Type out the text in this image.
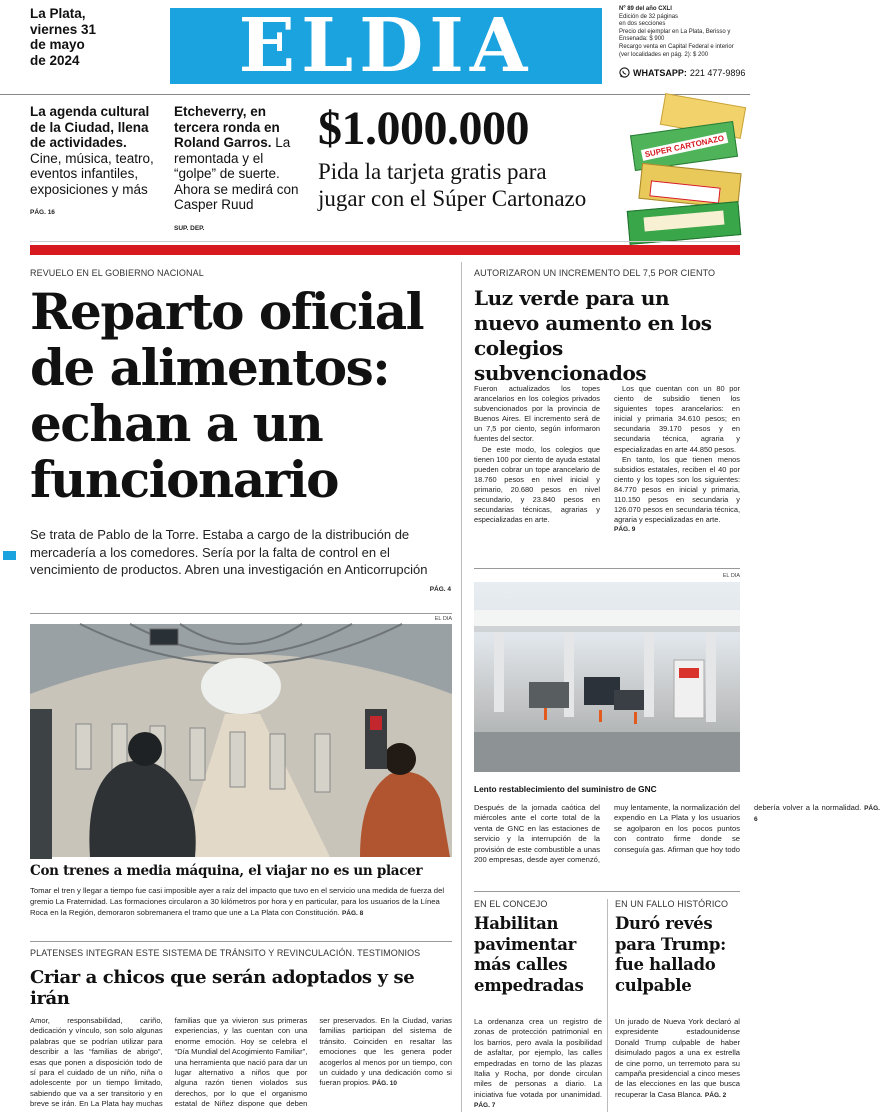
La Plata,
viernes 31
de mayo
de 2024	ELDIA	Nº 89 del año CXLI
Edición de 32 páginas
en dos secciones
Precio del ejemplar en La Plata, Berisso y
Ensenada: $ 900
Recargo venta en Capital Federal e interior
(ver localidades en pág. 2): $ 200
WHATSAPP: 221 477-9896
La agenda cultural de la Ciudad, llena de actividades. Cine, música, teatro, eventos infantiles, exposiciones y más
PÁG. 16
Etcheverry, en tercera ronda en Roland Garros. La remontada y el “golpe” de suerte. Ahora se medirá con Casper Ruud
SUP. DEP.
$1.000.000
Pida la tarjeta gratis para
jugar con el Súper Cartonazo
SUPER CARTONAZO
REVUELO EN EL GOBIERNO NACIONAL
Reparto oficial de alimentos: echan a un funcionario
Se trata de Pablo de la Torre. Estaba a cargo de la distribución de mercadería a los comedores. Sería por la falta de control en el vencimiento de productos. Abren una investigación en Anticorrupción
PÁG. 4
AUTORIZARON UN INCREMENTO DEL 7,5 POR CIENTO
Luz verde para un nuevo aumento en los colegios subvencionados

Fueron actualizados los topes arancelarios en los colegios privados subvencionados por la provincia de Buenos Aires. El incremento será de un 7,5 por ciento, según informaron fuentes del sector.

De este modo, los colegios que tienen 100 por ciento de ayuda estatal pueden cobrar un tope arancelario de 18.760 pesos en nivel inicial y primario, 20.680 pesos en nivel secundario, y 23.840 pesos en secundarias técnicas, agrarias y especializadas en arte.

Los que cuentan con un 80 por ciento de subsidio tienen los siguientes topes arancelarios: en inicial y primaria 34.610 pesos; en secundaria 39.170 pesos y en secundaria técnica, agraria y especializadas en arte 44.850 pesos.

En tanto, los que tienen menos subsidios estatales, reciben el 40 por ciento y los topes son los siguientes: 84.770 pesos en inicial y primaria, 110.150 pesos en secundaria y 126.070 pesos en secundaria técnica, agraria y especializadas en arte.

PÁG. 9

EL DIA
Lento restablecimiento del suministro de GNC
Después de la jornada caótica del miércoles ante el corte total de la venta de GNC en las estaciones de servicio y la interrupción de la provisión de este combustible a unas 200 empresas, desde ayer comenzó, muy lentamente, la normalización del expendio en La Plata y los usuarios se agolparon en los pocos puntos con contrato firme donde se conseguía gas. Afirman que hoy todo debería volver a la normalidad. PÁG. 6
EL DIA
Con trenes a media máquina, el viajar no es un placer
Tomar el tren y llegar a tiempo fue casi imposible ayer a raíz del impacto que tuvo en el servicio una medida de fuerza del gremio La Fraternidad. Las formaciones circularon a 30 kilómetros por hora y en particular, para los usuarios de la Línea Roca en la Región, demoraron sobremanera el tramo que une a La Plata con Constitución. PÁG. 8
PLATENSES INTEGRAN ESTE SISTEMA DE TRÁNSITO Y REVINCULACIÓN. TESTIMONIOS
Criar a chicos que serán adoptados y se irán
Amor, responsabilidad, cariño, dedicación y vínculo, son solo algunas palabras que se podrían utilizar para describir a las “familias de abrigo”, esas que ponen a disposición todo de sí para el cuidado de un niño, niña o adolescente por un tiempo limitado, sabiendo que va a ser transitorio y en breve se irán. En La Plata hay muchas familias que ya vivieron sus primeras experiencias, y las cuentan con una enorme emoción. Hoy se celebra el “Día Mundial del Acogimiento Familiar”, una herramienta que nació para dar un lugar alternativo a niños que por alguna razón tienen violados sus derechos, por lo que el organismo estatal de Niñez dispone que deben ser preservados. En la Ciudad, varias familias participan del sistema de tránsito. Coinciden en resaltar las emociones que les genera poder acogerlos al menos por un tiempo, con un cuidado y una dedicación como si fueran propios. PÁG. 10
EN EL CONCEJO
Habilitan pavimentar más calles empedradas
La ordenanza crea un registro de zonas de protección patrimonial en los barrios, pero avala la posibilidad de asfaltar, por ejemplo, las calles empedradas en torno de las plazas Italia y Rocha, por donde circulan miles de personas a diario. La iniciativa fue votada por unanimidad. PÁG. 7
EN UN FALLO HISTÓRICO
Duró revés para Trump: fue hallado culpable
Un jurado de Nueva York declaró al expresidente estadounidense Donald Trump culpable de haber disimulado pagos a una ex estrella de cine porno, un terremoto para su campaña presidencial a cinco meses de las elecciones en las que busca recuperar la Casa Blanca. PÁG. 2
